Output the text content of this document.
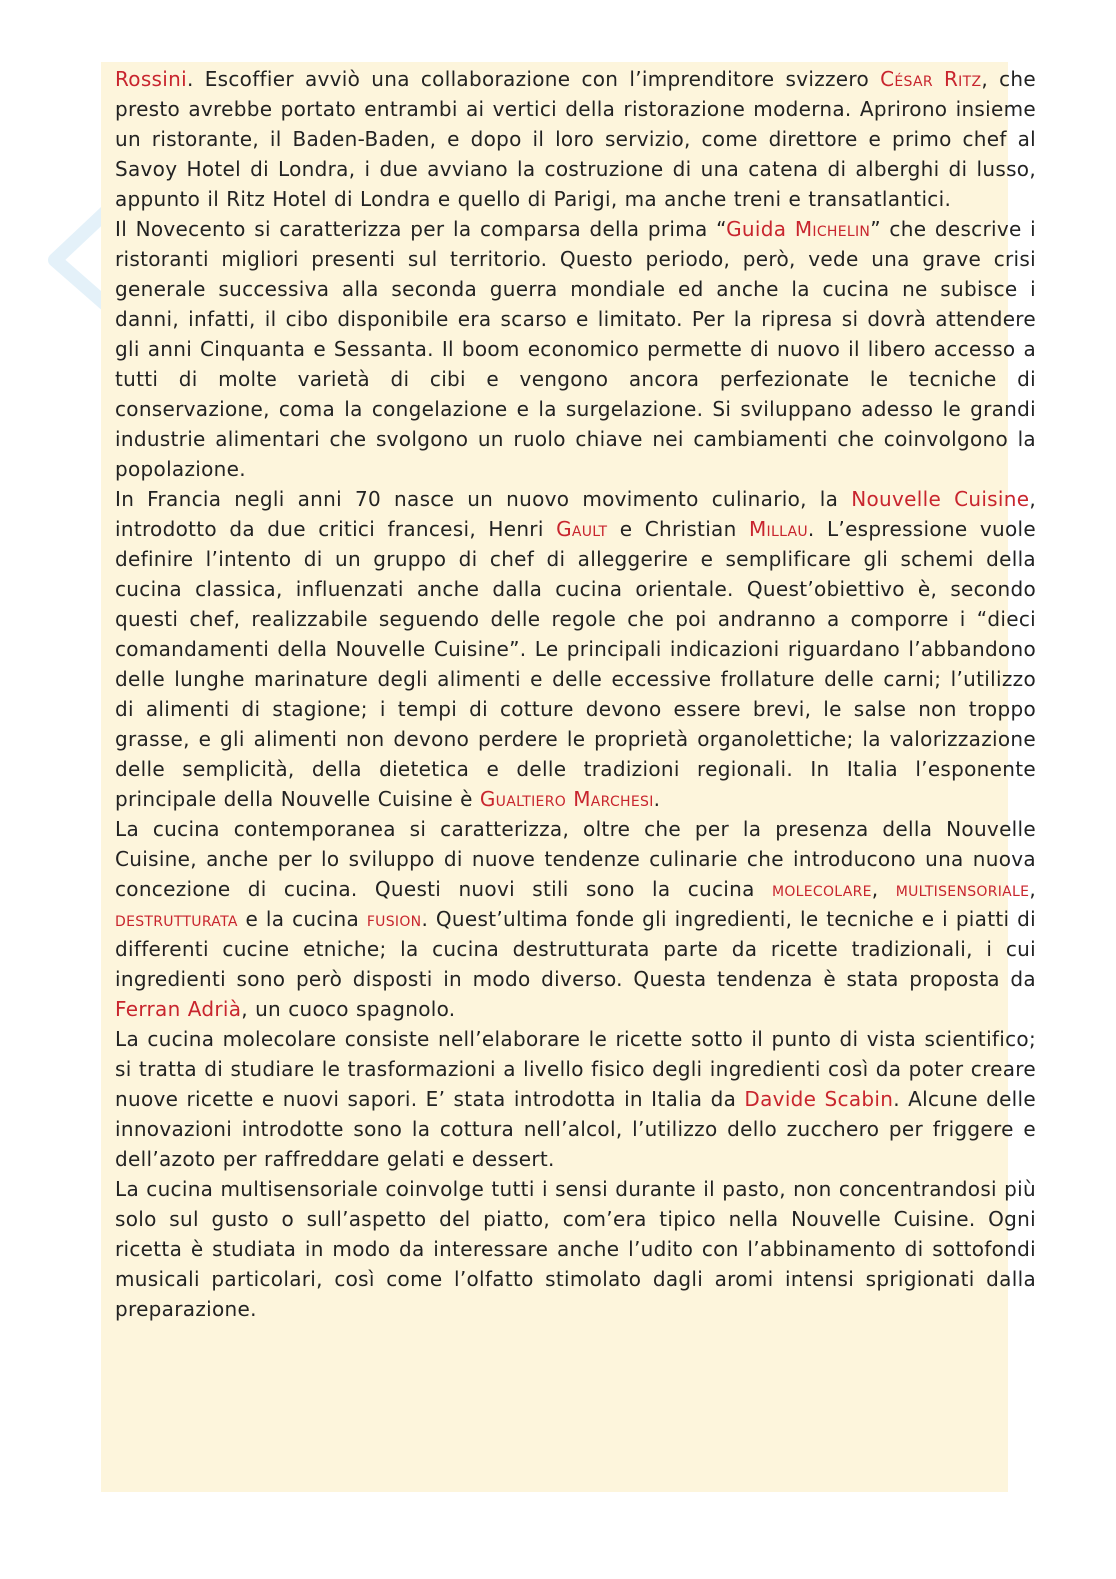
Rossini. Escoffier avviò una collaborazione con l’imprenditore svizzero César Ritz, che presto avrebbe portato entrambi ai vertici della ristorazione moderna. Aprirono insieme un ristorante, il Baden-Baden, e dopo il loro servizio, come direttore e primo chef al Savoy Hotel di Londra, i due avviano la costruzione di una catena di alberghi di lusso, appunto il Ritz Hotel di Londra e quello di Parigi, ma anche treni e transatlantici.

Il Novecento si caratterizza per la comparsa della prima “Guida Michelin” che descrive i ristoranti migliori presenti sul territorio. Questo periodo, però, vede una grave crisi generale successiva alla seconda guerra mondiale ed anche la cucina ne subisce i danni, infatti, il cibo disponibile era scarso e limitato. Per la ripresa si dovrà attendere gli anni Cinquanta e Sessanta. Il boom economico permette di nuovo il libero accesso a tutti di molte varietà di cibi e vengono ancora perfezionate le tecniche di conservazione, coma la congelazione e la surgelazione. Si sviluppano adesso le grandi industrie alimentari che svolgono un ruolo chiave nei cambiamenti che coinvolgono la popolazione.

In Francia negli anni 70 nasce un nuovo movimento culinario, la Nouvelle Cuisine, introdotto da due critici francesi, Henri Gault e Christian Millau. L’espressione vuole definire l’intento di un gruppo di chef di alleggerire e semplificare gli schemi della cucina classica, influenzati anche dalla cucina orientale. Quest’obiettivo è, secondo questi chef, realizzabile seguendo delle regole che poi andranno a comporre i “dieci comandamenti della Nouvelle Cuisine”. Le principali indicazioni riguardano l’abbandono delle lunghe marinature degli alimenti e delle eccessive frollature delle carni; l’utilizzo di alimenti di stagione; i tempi di cotture devono essere brevi, le salse non troppo grasse, e gli alimenti non devono perdere le proprietà organolettiche; la valorizzazione delle semplicità, della dietetica e delle tradizioni regionali. In Italia l’esponente principale della Nouvelle Cuisine è Gualtiero Marchesi.

La cucina contemporanea si caratterizza, oltre che per la presenza della Nouvelle Cuisine, anche per lo sviluppo di nuove tendenze culinarie che introducono una nuova concezione di cucina. Questi nuovi stili sono la cucina molecolare, multisensoriale, destrutturata e la cucina fusion. Quest’ultima fonde gli ingredienti, le tecniche e i piatti di differenti cucine etniche; la cucina destrutturata parte da ricette tradizionali, i cui ingredienti sono però disposti in modo diverso. Questa tendenza è stata proposta da Ferran Adrià, un cuoco spagnolo.

La cucina molecolare consiste nell’elaborare le ricette sotto il punto di vista scientifico; si tratta di studiare le trasformazioni a livello fisico degli ingredienti così da poter creare nuove ricette e nuovi sapori. E’ stata introdotta in Italia da Davide Scabin. Alcune delle innovazioni introdotte sono la cottura nell’alcol, l’utilizzo dello zucchero per friggere e dell’azoto per raffreddare gelati e dessert.

La cucina multisensoriale coinvolge tutti i sensi durante il pasto, non concentrandosi più solo sul gusto o sull’aspetto del piatto, com’era tipico nella Nouvelle Cuisine. Ogni ricetta è studiata in modo da interessare anche l’udito con l’abbinamento di sottofondi musicali particolari, così come l’olfatto stimolato dagli aromi intensi sprigionati dalla preparazione.
